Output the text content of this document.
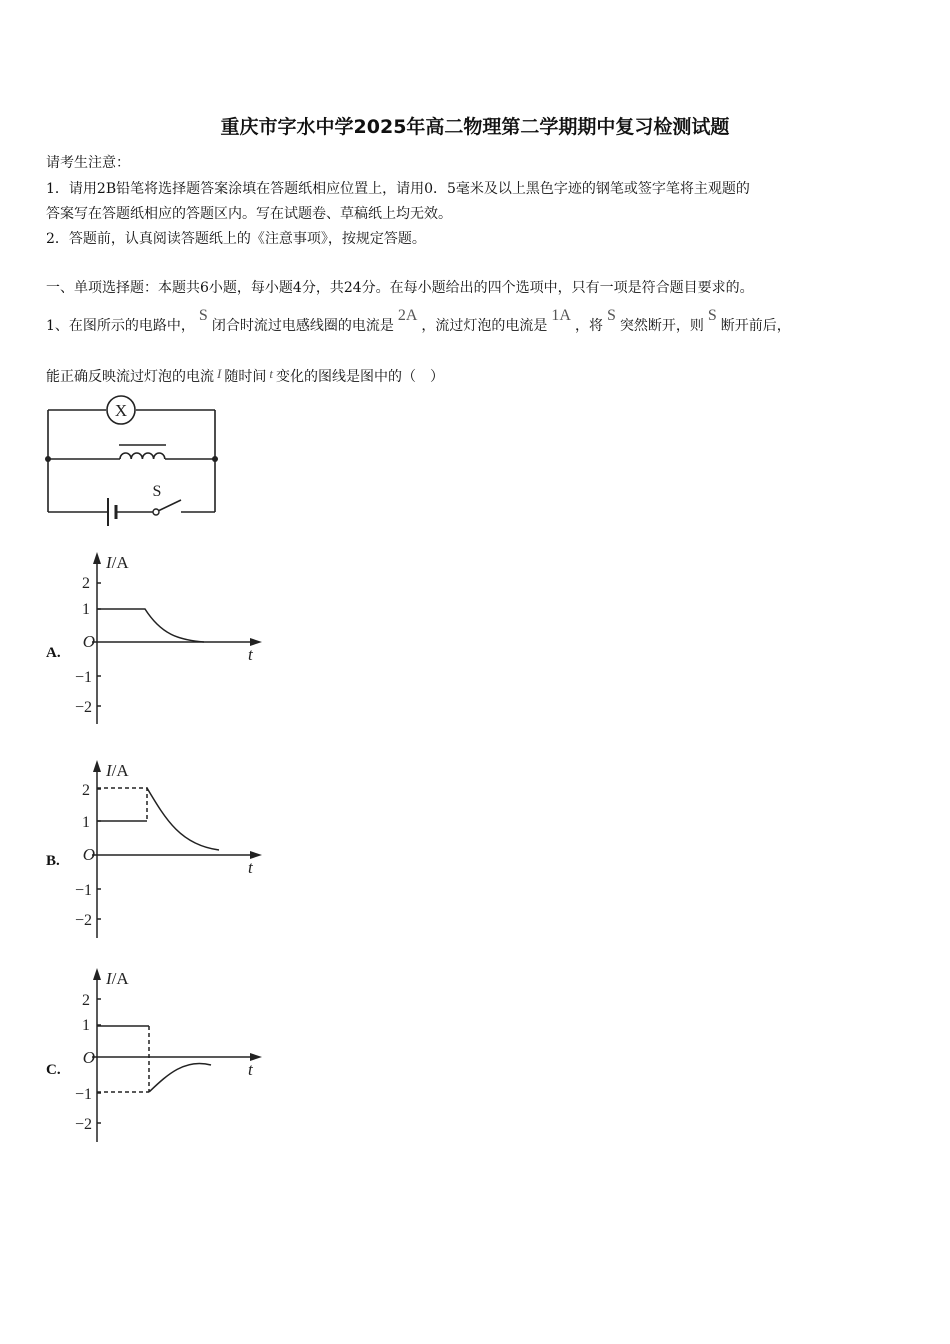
重庆市字水中学2025年高二物理第二学期期中复习检测试题
请考生注意：
1．请用2B铅笔将选择题答案涂填在答题纸相应位置上，请用0．5毫米及以上黑色字迹的钢笔或签字笔将主观题的
答案写在答题纸相应的答题区内。写在试题卷、草稿纸上均无效。
2．答题前，认真阅读答题纸上的《注意事项》，按规定答题。
一、单项选择题：本题共6小题，每小题4分，共24分。在每小题给出的四个选项中，只有一项是符合题目要求的。
1、在图所示的电路中，S闭合时流过电感线圈的电流是2A，流过灯泡的电流是1A，将S突然断开，则S断开前后，
能正确反映流过灯泡的电流 I 随时间 t 变化的图线是图中的（　）
X
S
A.
I/A
2
1
O
−1
−2
t
B.
I/A
2
1
O
−1
−2
t
C.
I/A
2
1
O
−1
−2
t
